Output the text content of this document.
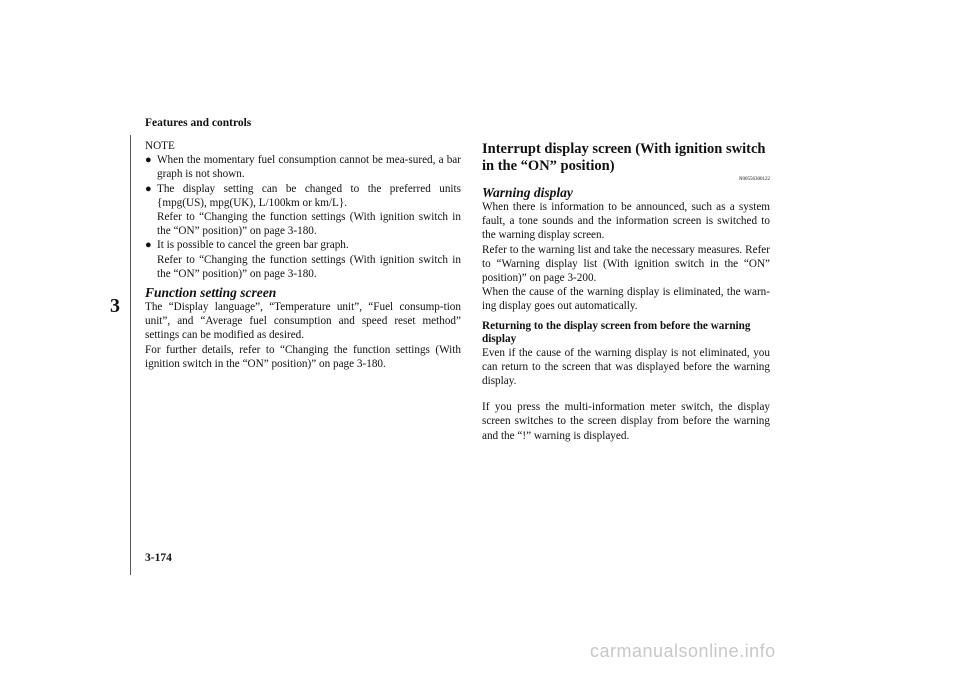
Features and controls
3

NOTE

● When the momentary fuel consumption cannot be mea-sured, a bar graph is not shown.

● The display setting can be changed to the preferred units {mpg(US), mpg(UK), L/100km or km/L}.

Refer to “Changing the function settings (With ignition switch in the “ON” position)” on page 3-180.

● It is possible to cancel the green bar graph.

Refer to “Changing the function settings (With ignition switch in the “ON” position)” on page 3-180.

Function setting screen

The “Display language”, “Temperature unit”, “Fuel consump-tion unit”, and “Average fuel consumption and speed reset method” settings can be modified as desired.

For further details, refer to “Changing the function settings (With ignition switch in the “ON” position)” on page 3-180.

Interrupt display screen (With ignition switch in the “ON” position)

N00556300122

Warning display

When there is information to be announced, such as a system fault, a tone sounds and the information screen is switched to the warning display screen.

Refer to the warning list and take the necessary measures. Refer to “Warning display list (With ignition switch in the “ON” position)” on page 3-200.

When the cause of the warning display is eliminated, the warn-ing display goes out automatically.

Returning to the display screen from before the warning display

Even if the cause of the warning display is not eliminated, you can return to the screen that was displayed before the warning display.

If you press the multi-information meter switch, the display screen switches to the screen display from before the warning and the “!” warning is displayed.

3-174
carmanualsonline.info
